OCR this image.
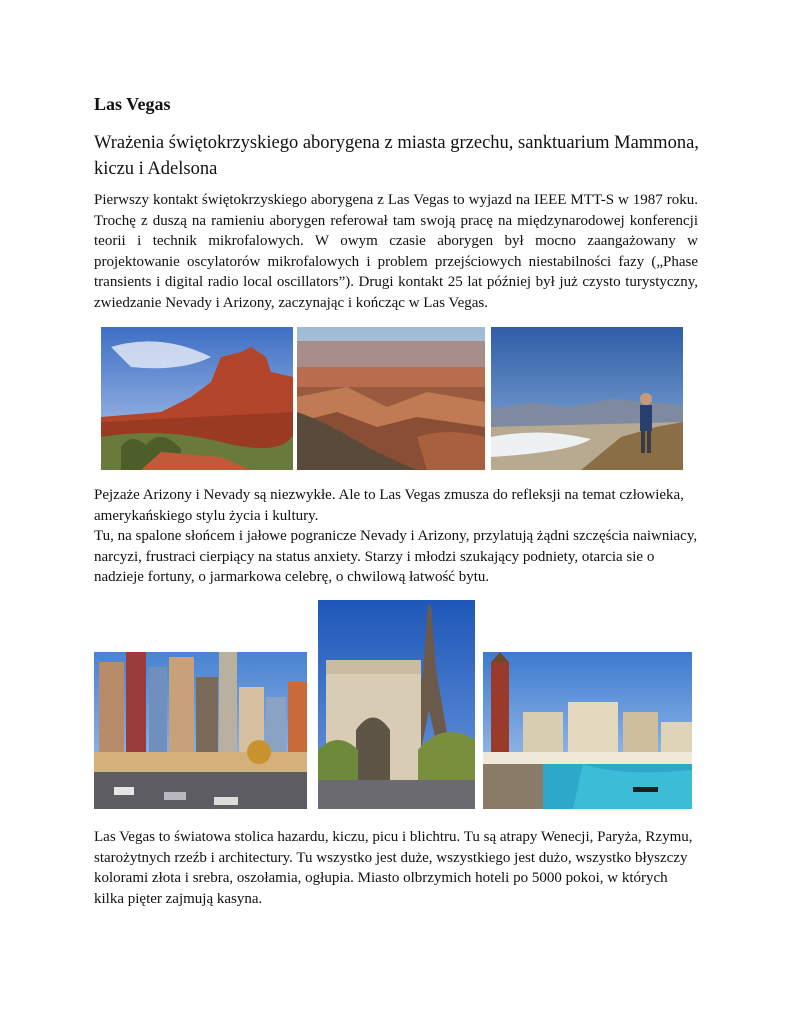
Las Vegas
Wrażenia świętokrzyskiego aborygena z miasta grzechu, sanktuarium Mammona, kiczu i Adelsona
Pierwszy kontakt świętokrzyskiego aborygena z Las Vegas to wyjazd na IEEE MTT-S w 1987 roku. Trochę z duszą na ramieniu aborygen referował tam swoją pracę na międzynarodowej konferencji teorii i technik mikrofalowych. W owym czasie aborygen był mocno zaangażowany w projektowanie oscylatorów mikrofalowych i problem przejściowych niestabilności fazy („Phase transients i digital radio local oscillators”). Drugi kontakt 25 lat później był już czysto turystyczny, zwiedzanie Nevady i Arizony, zaczynając i kończąc w Las Vegas.
Pejzaże Arizony i Nevady są niezwykłe. Ale to Las Vegas zmusza do refleksji na temat człowieka, amerykańskiego stylu życia i kultury.
Tu, na spalone słońcem i jałowe pogranicze Nevady i Arizony, przylatują żądni szczęścia naiwniacy, narcyzi, frustraci cierpiący na status anxiety. Starzy i młodzi szukający podniety, otarcia sie o nadzieje fortuny, o jarmarkowa celebrę, o chwilową łatwość bytu.
Las Vegas to światowa stolica hazardu, kiczu, picu i blichtru. Tu są atrapy Wenecji, Paryża, Rzymu, starożytnych rzeźb i architectury. Tu wszystko jest duże, wszystkiego jest dużo, wszystko błyszczy kolorami złota i srebra, oszołamia, ogłupia. Miasto olbrzymich hoteli po 5000 pokoi, w których kilka pięter zajmują kasyna.
